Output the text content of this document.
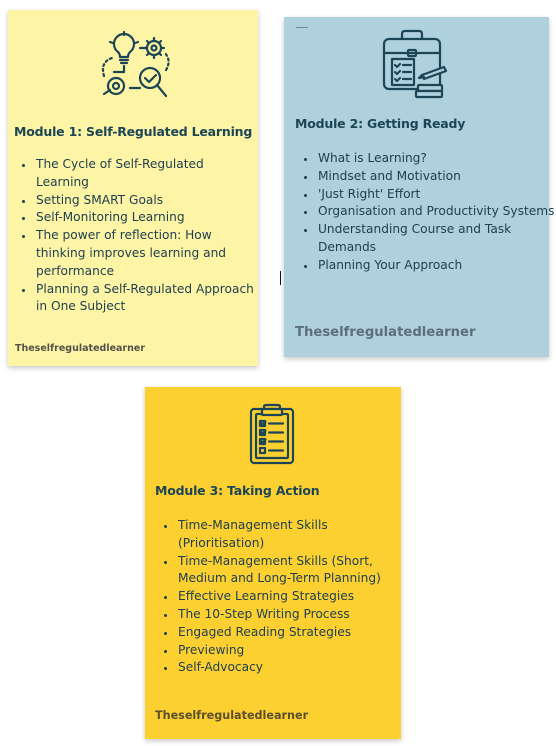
Module 1: Self-Regulated Learning
• The Cycle of Self-Regulated Learning
• Setting SMART Goals
• Self-Monitoring Learning
• The power of reflection: How thinking improves learning and performance
• Planning a Self-Regulated Approach in One Subject

Theselfregulatedlearner

Module 2: Getting Ready
• What is Learning?
• Mindset and Motivation
• 'Just Right' Effort
• Organisation and Productivity Systems
• Understanding Course and Task Demands
• Planning Your Approach

Theselfregulatedlearner

Module 3: Taking Action
• Time-Management Skills (Prioritisation)
• Time-Management Skills (Short, Medium and Long-Term Planning)
• Effective Learning Strategies
• The 10-Step Writing Process
• Engaged Reading Strategies
• Previewing
• Self-Advocacy

Theselfregulatedlearner
